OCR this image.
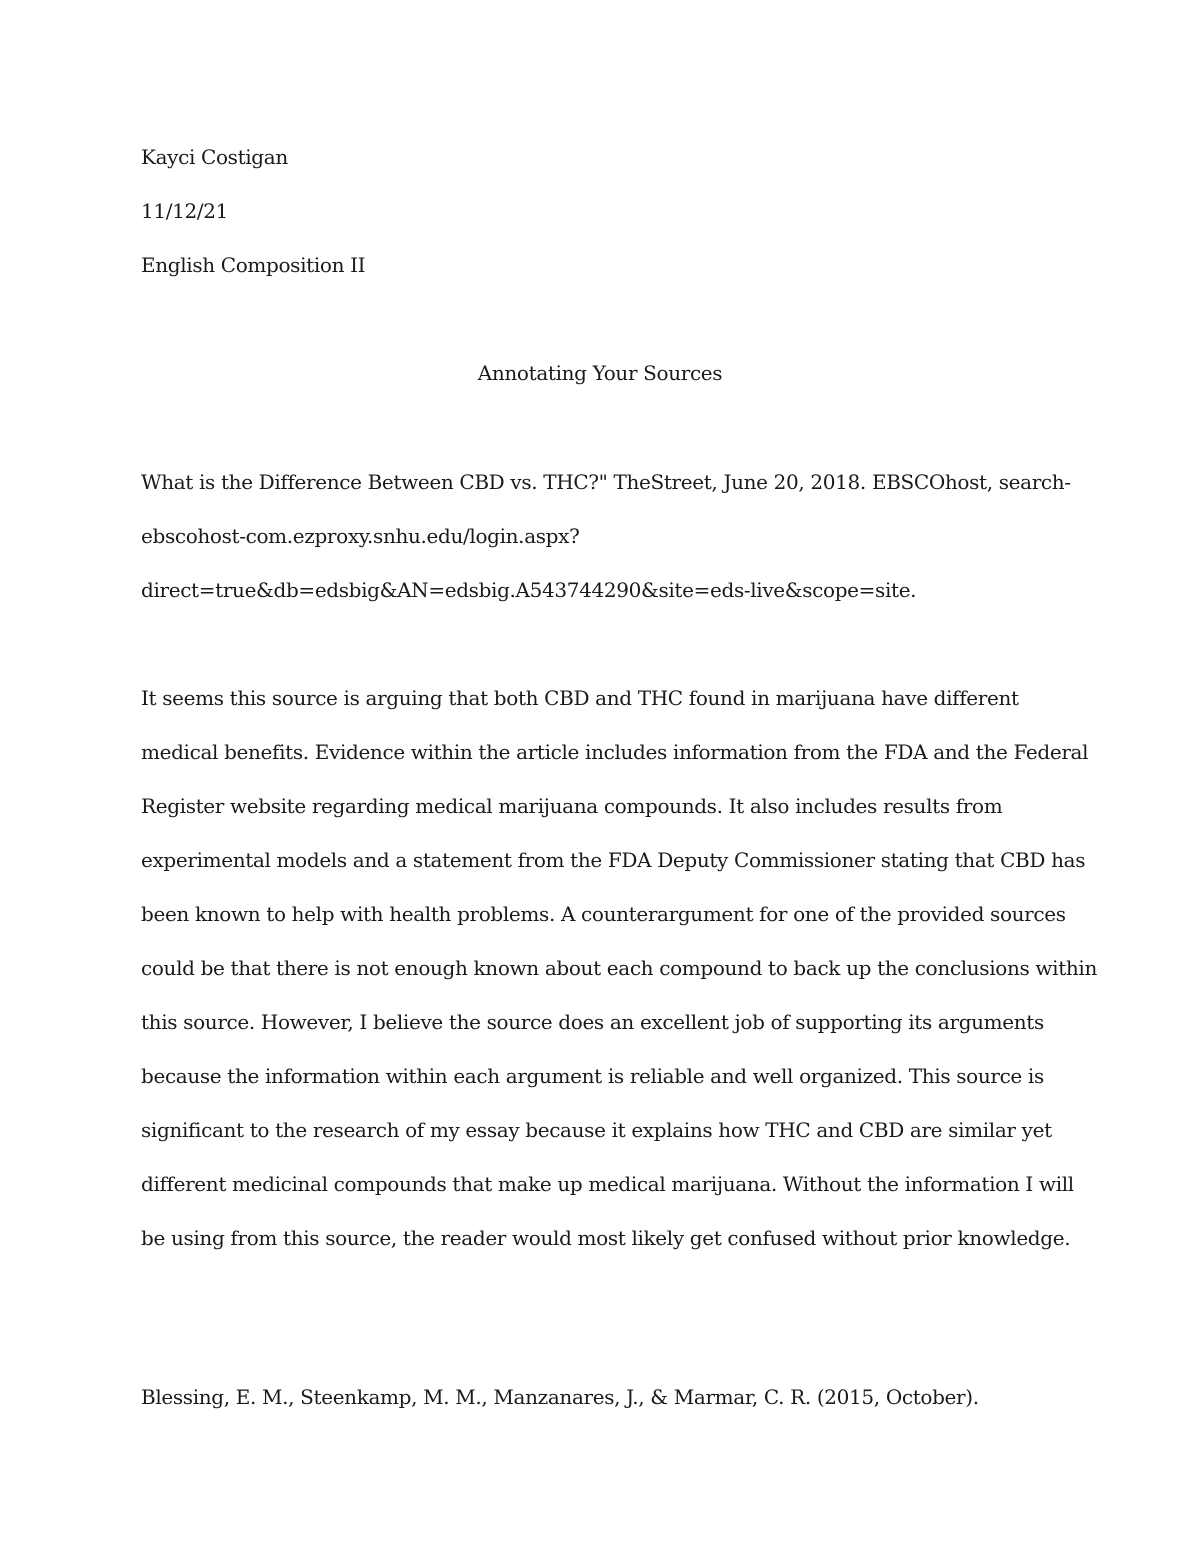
Kayci Costigan
11/12/21
English Composition II
Annotating Your Sources
What is the Difference Between CBD vs. THC?" TheStreet, June 20, 2018. EBSCOhost, search-
ebscohost-com.ezproxy.snhu.edu/login.aspx?
direct=true&db=edsbig&AN=edsbig.A543744290&site=eds-live&scope=site.
It seems this source is arguing that both CBD and THC found in marijuana have different
medical benefits. Evidence within the article includes information from the FDA and the Federal
Register website regarding medical marijuana compounds. It also includes results from
experimental models and a statement from the FDA Deputy Commissioner stating that CBD has
been known to help with health problems. A counterargument for one of the provided sources
could be that there is not enough known about each compound to back up the conclusions within
this source. However, I believe the source does an excellent job of supporting its arguments
because the information within each argument is reliable and well organized. This source is
significant to the research of my essay because it explains how THC and CBD are similar yet
different medicinal compounds that make up medical marijuana. Without the information I will
be using from this source, the reader would most likely get confused without prior knowledge.
Blessing, E. M., Steenkamp, M. M., Manzanares, J., & Marmar, C. R. (2015, October).
